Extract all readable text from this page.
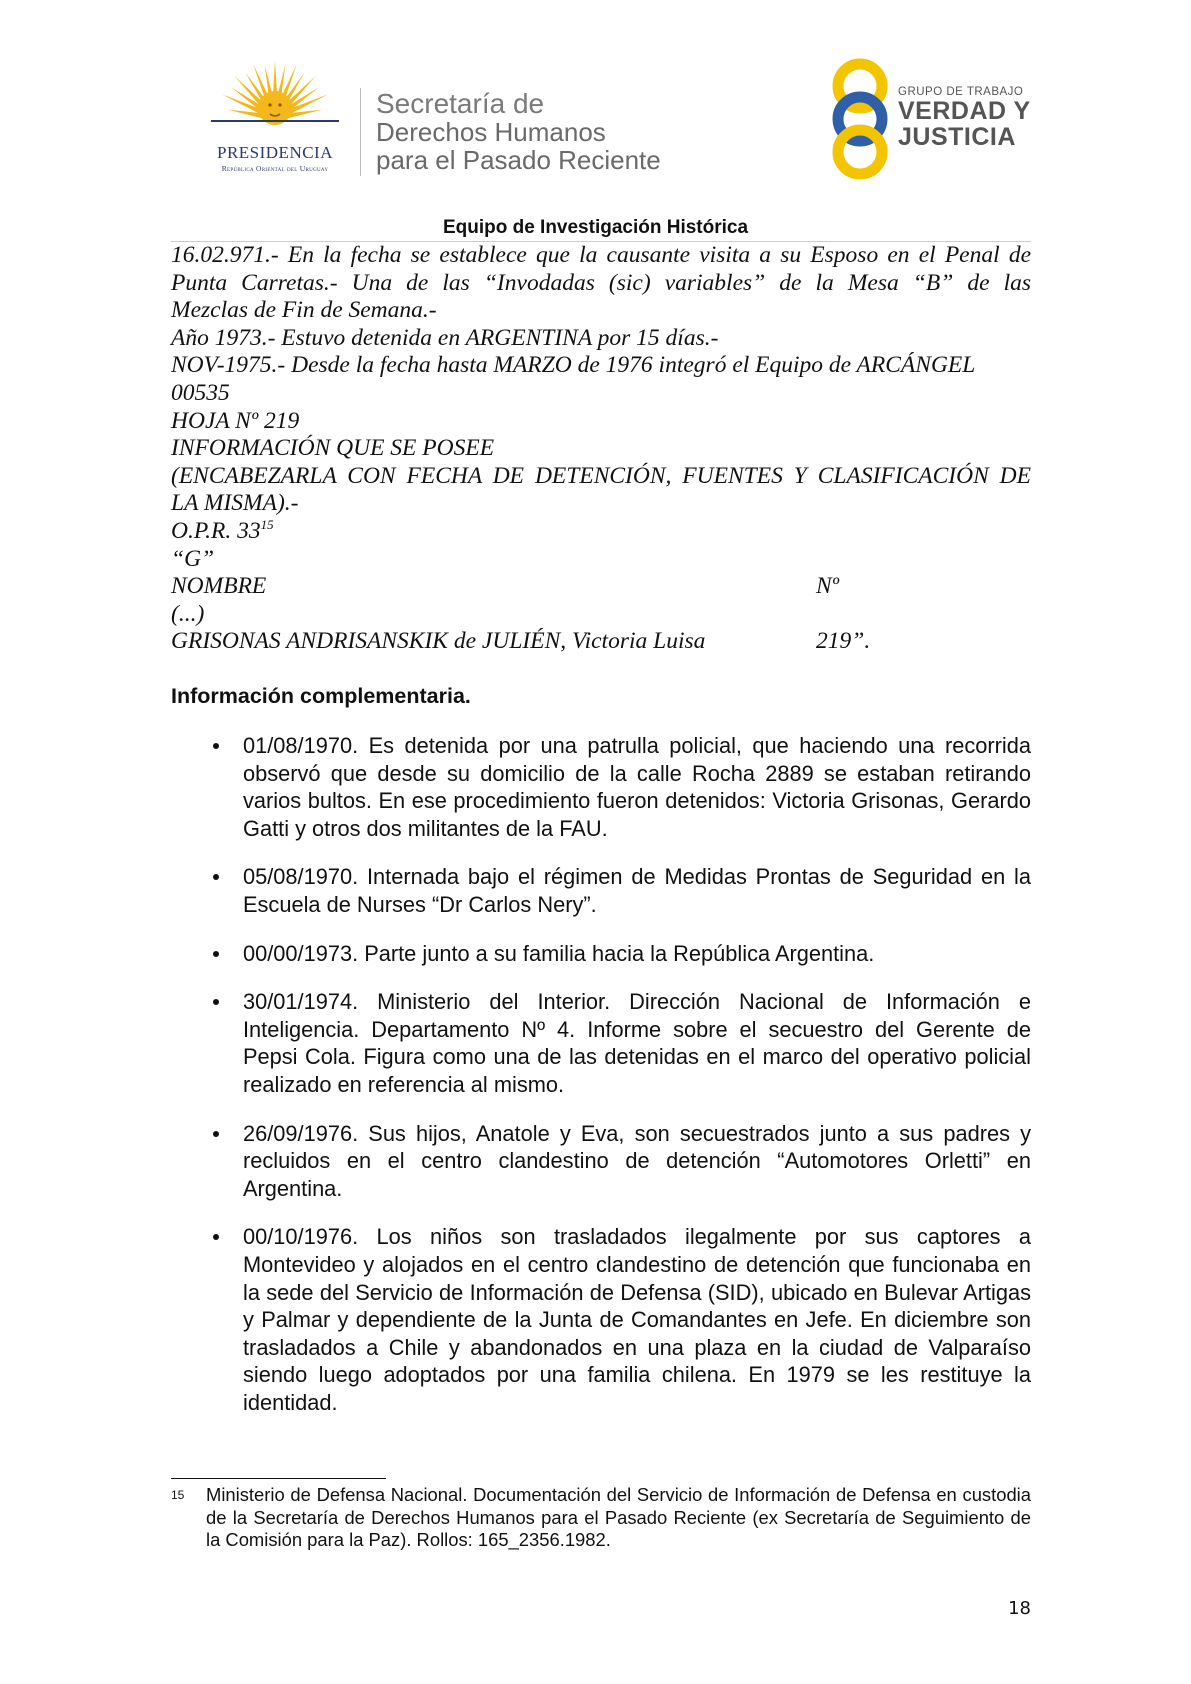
PRESIDENCIA
República Oriental del Uruguay
Secretaría de
Derechos Humanos
para el Pasado Reciente
GRUPO DE TRABAJO
VERDAD Y
JUSTICIA
Equipo de Investigación Histórica
16.02.971.- En la fecha se establece que la causante visita a su Esposo en el Penal de
Punta Carretas.- Una de las “Invodadas (sic) variables” de la Mesa “B” de las
Mezclas de Fin de Semana.-
Año 1973.- Estuvo detenida en ARGENTINA por 15 días.-
NOV-1975.- Desde la fecha hasta MARZO de 1976 integró el Equipo de ARCÁNGEL
00535
HOJA Nº 219
INFORMACIÓN QUE SE POSEE
(ENCABEZARLA CON FECHA DE DETENCIÓN, FUENTES Y CLASIFICACIÓN DE
LA MISMA).-
O.P.R. 33$^{15}$
“G”
NOMBRE	Nº
(...)
GRISONAS ANDRISANSKIK de JULIÉN, Victoria Luisa	219”.
Información complementaria.
01/08/1970. Es detenida por una patrulla policial, que haciendo una recorrida observó que desde su domicilio de la calle Rocha 2889 se estaban retirando varios bultos. En ese procedimiento fueron detenidos: Victoria Grisonas, Gerardo Gatti y otros dos militantes de la FAU.
05/08/1970. Internada bajo el régimen de Medidas Prontas de Seguridad en la Escuela de Nurses “Dr Carlos Nery”.
00/00/1973. Parte junto a su familia hacia la República Argentina.
30/01/1974. Ministerio del Interior. Dirección Nacional de Información e Inteligencia. Departamento Nº 4. Informe sobre el secuestro del Gerente de Pepsi Cola. Figura como una de las detenidas en el marco del operativo policial realizado en referencia al mismo.
26/09/1976. Sus hijos, Anatole y Eva, son secuestrados junto a sus padres y recluidos en el centro clandestino de detención “Automotores Orletti” en Argentina.
00/10/1976. Los niños son trasladados ilegalmente por sus captores a Montevideo y alojados en el centro clandestino de detención que funcionaba en la sede del Servicio de Información de Defensa (SID), ubicado en Bulevar Artigas y Palmar y dependiente de la Junta de Comandantes en Jefe. En diciembre son trasladados a Chile y abandonados en una plaza en la ciudad de Valparaíso siendo luego adoptados por una familia chilena. En 1979 se les restituye la identidad.
15	Ministerio de Defensa Nacional. Documentación del Servicio de Información de Defensa en custodia de la Secretaría de Derechos Humanos para el Pasado Reciente (ex Secretaría de Seguimiento de la Comisión para la Paz). Rollos: 165_2356.1982.
18
